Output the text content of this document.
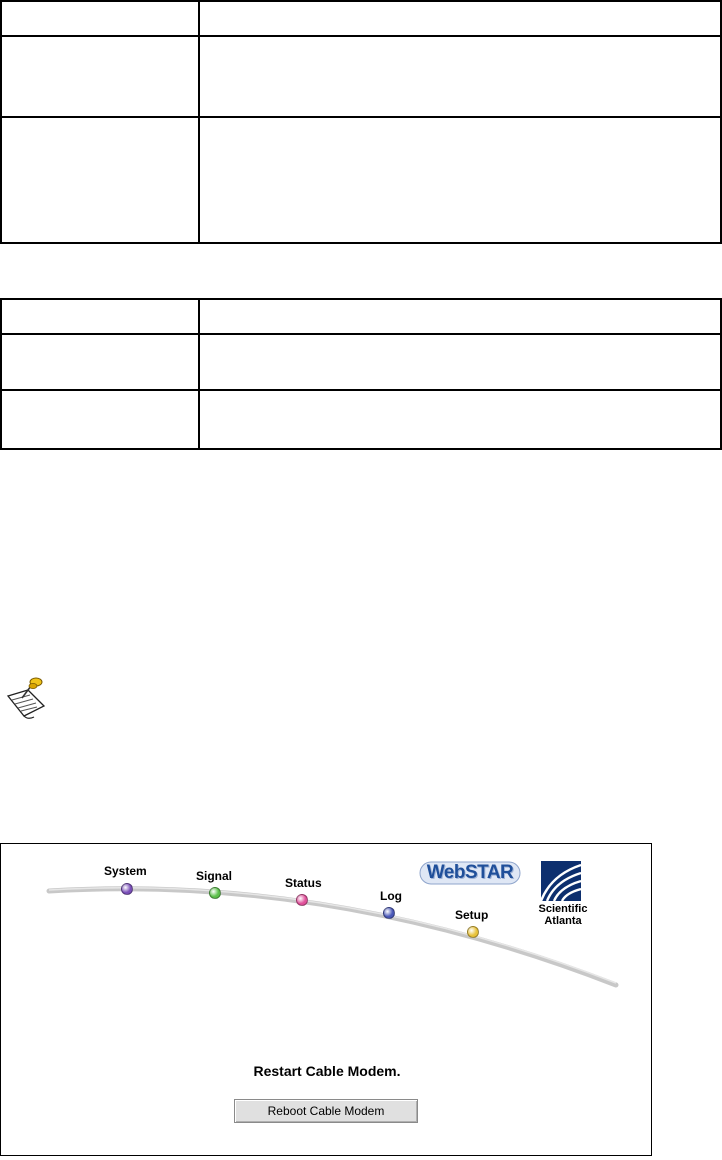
System	Signal	Status
Log
Setup
WebSTAR
Scientific
Atlanta
Restart Cable Modem.
Reboot Cable Modem
